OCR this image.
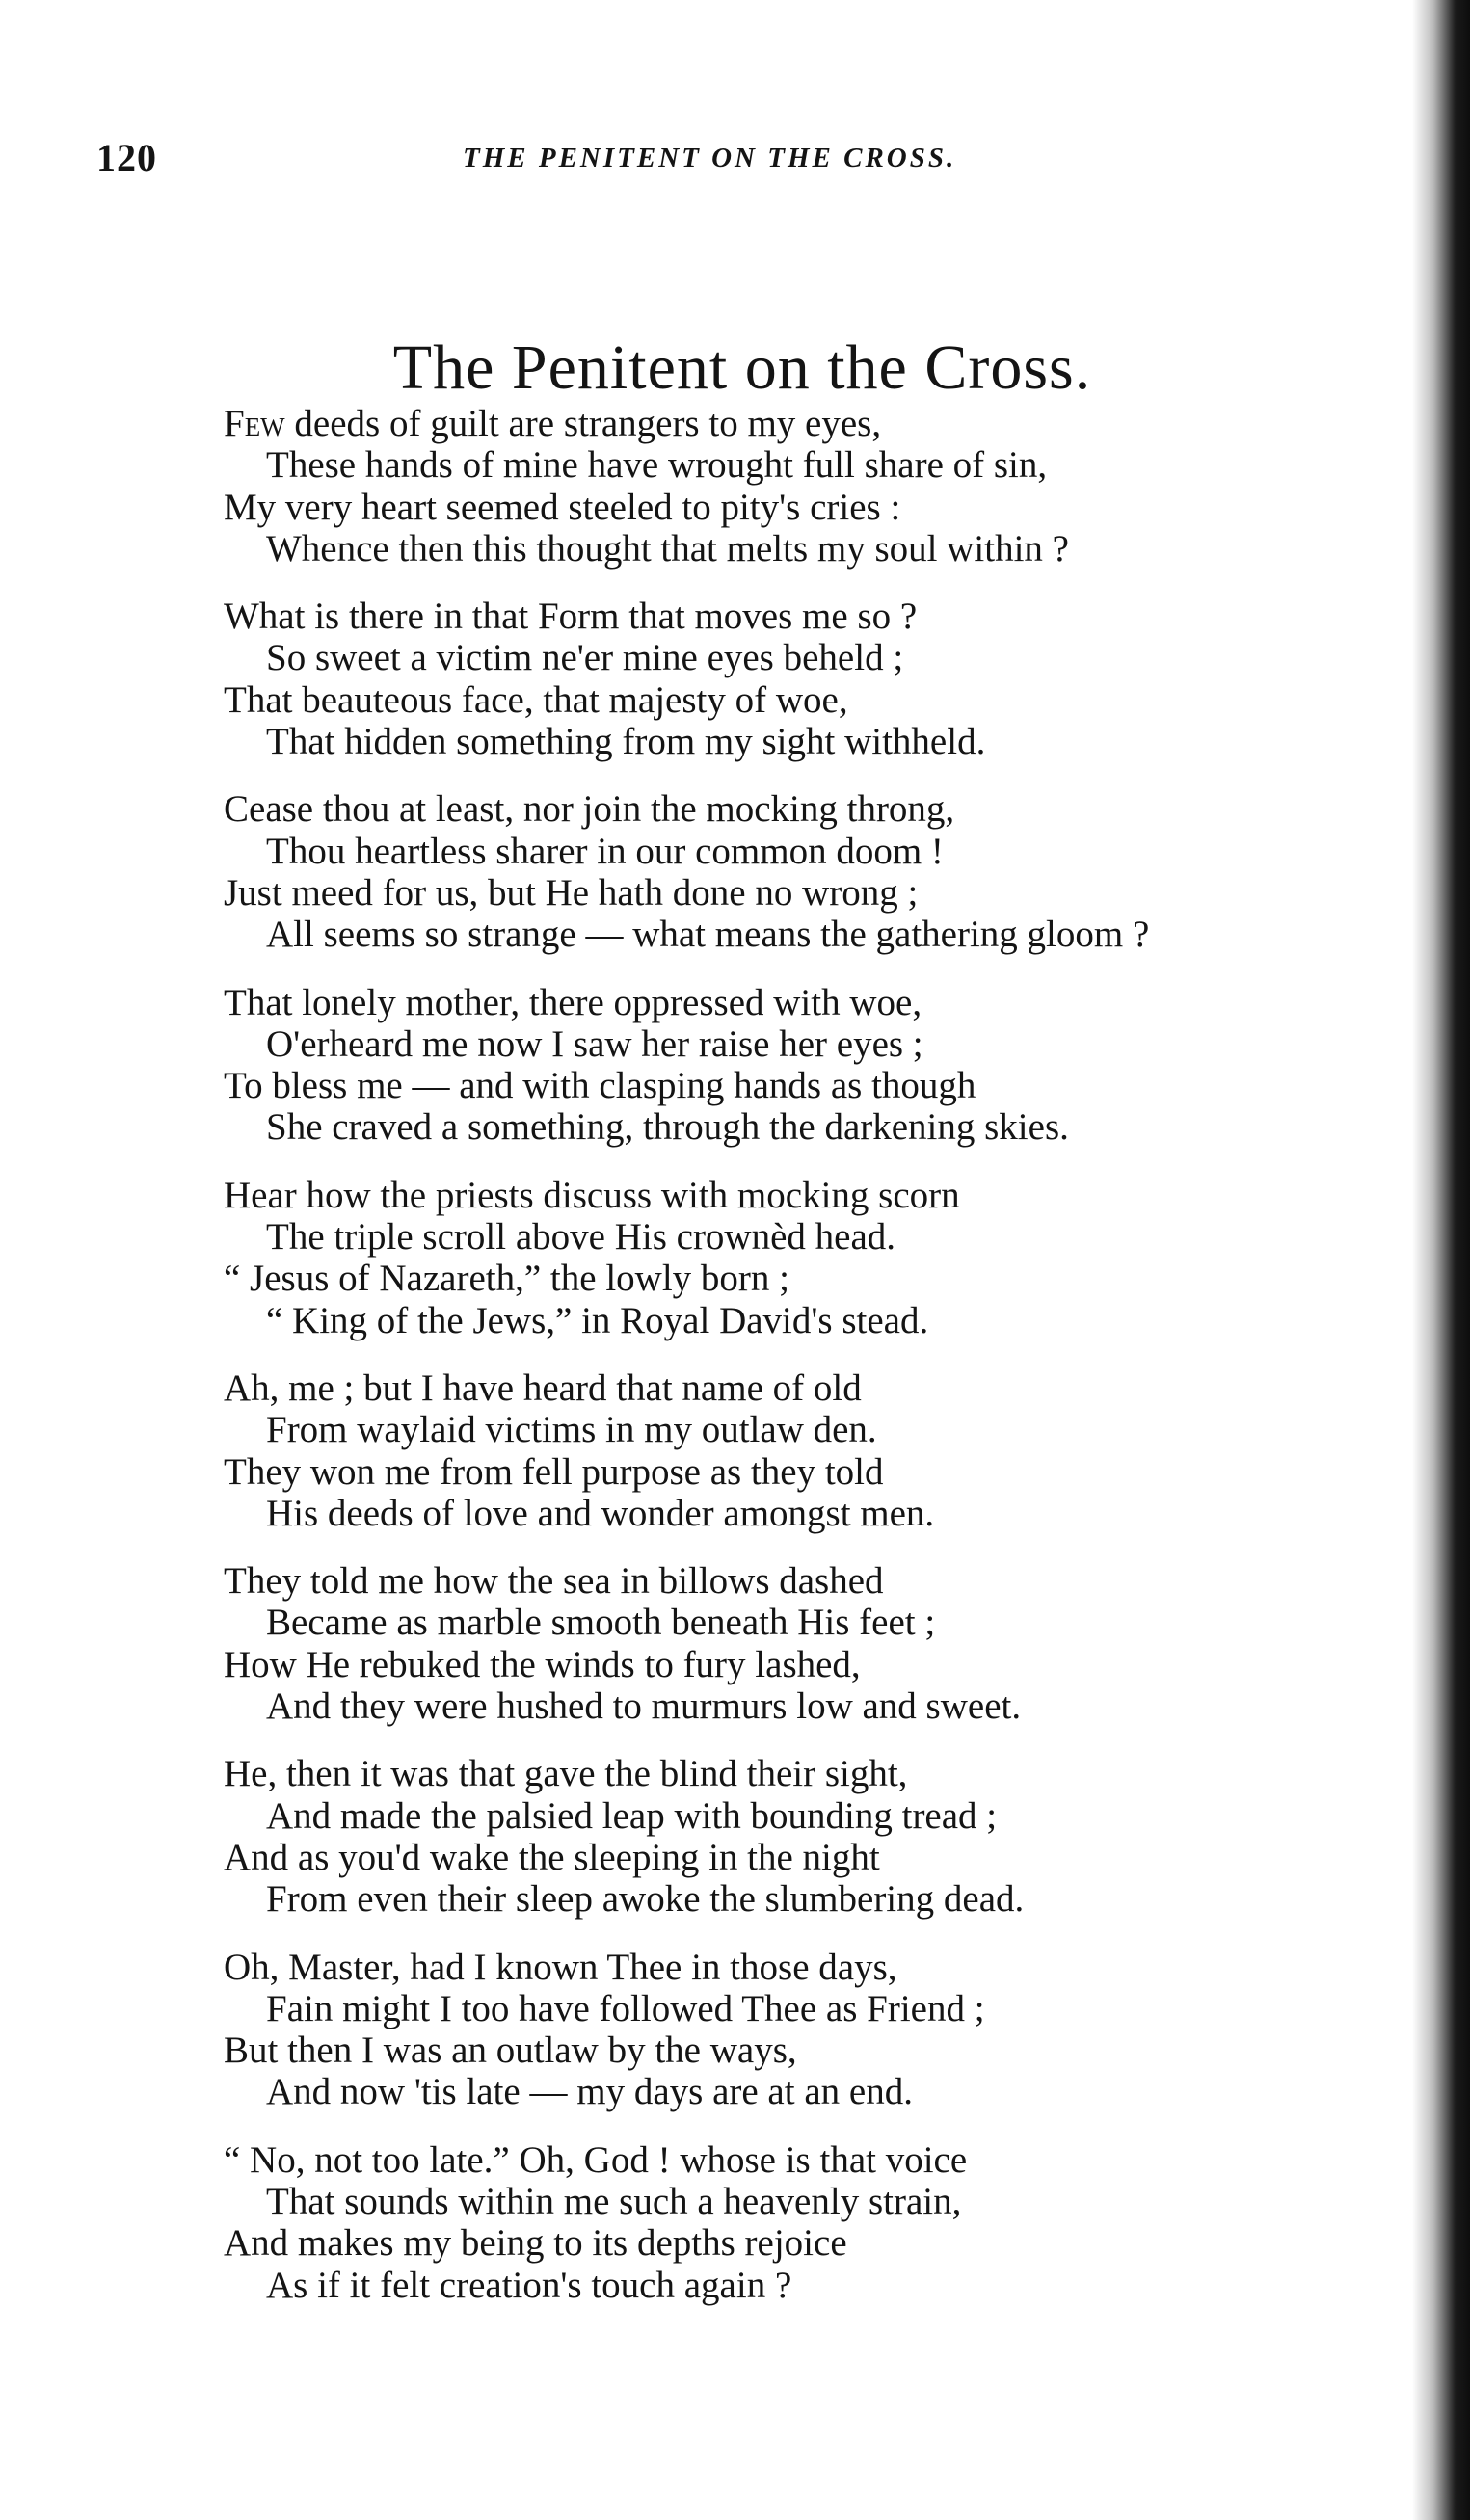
120	THE PENITENT ON THE CROSS.
The Penitent on the Cross.
Few deeds of guilt are strangers to my eyes,
These hands of mine have wrought full share of sin,
My very heart seemed steeled to pity's cries :
Whence then this thought that melts my soul within ?
What is there in that Form that moves me so ?
So sweet a victim ne'er mine eyes beheld ;
That beauteous face, that majesty of woe,
That hidden something from my sight withheld.
Cease thou at least, nor join the mocking throng,
Thou heartless sharer in our common doom !
Just meed for us, but He hath done no wrong ;
All seems so strange — what means the gathering gloom ?
That lonely mother, there oppressed with woe,
O'erheard me now I saw her raise her eyes ;
To bless me — and with clasping hands as though
She craved a something, through the darkening skies.
Hear how the priests discuss with mocking scorn
The triple scroll above His crownèd head.
“ Jesus of Nazareth,” the lowly born ;
“ King of the Jews,” in Royal David's stead.
Ah, me ; but I have heard that name of old
From waylaid victims in my outlaw den.
They won me from fell purpose as they told
His deeds of love and wonder amongst men.
They told me how the sea in billows dashed
Became as marble smooth beneath His feet ;
How He rebuked the winds to fury lashed,
And they were hushed to murmurs low and sweet.
He, then it was that gave the blind their sight,
And made the palsied leap with bounding tread ;
And as you'd wake the sleeping in the night
From even their sleep awoke the slumbering dead.
Oh, Master, had I known Thee in those days,
Fain might I too have followed Thee as Friend ;
But then I was an outlaw by the ways,
And now 'tis late — my days are at an end.
“ No, not too late.” Oh, God ! whose is that voice
That sounds within me such a heavenly strain,
And makes my being to its depths rejoice
As if it felt creation's touch again ?
